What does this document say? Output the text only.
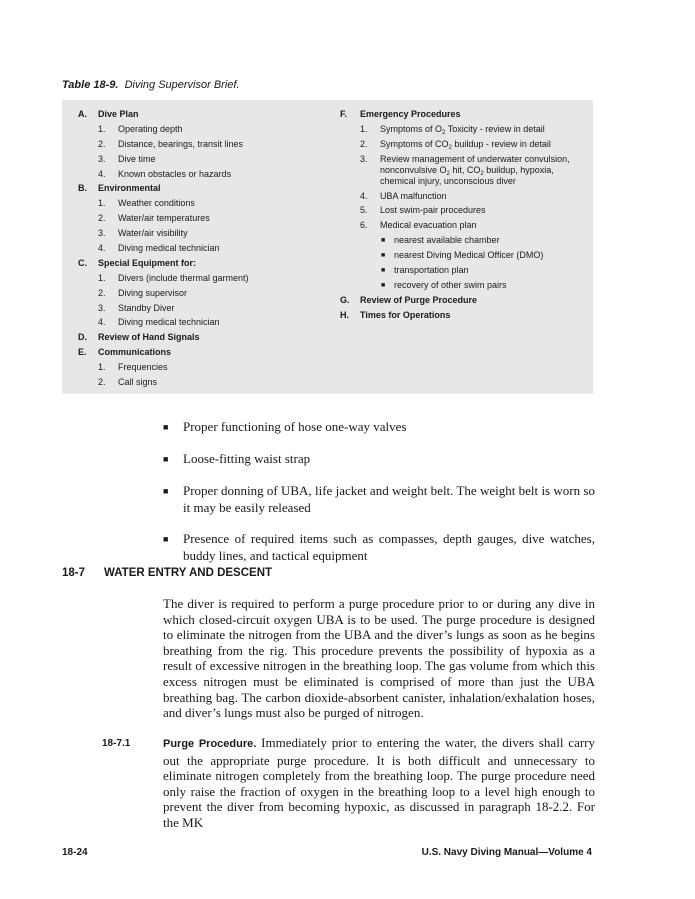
Table 18-9. Diving Supervisor Brief.
A.	Dive Plan
1.	Operating depth
2.	Distance, bearings, transit lines
3.	Dive time
4.	Known obstacles or hazards
B.	Environmental
1.	Weather conditions
2.	Water/air temperatures
3.	Water/air visibility
4.	Diving medical technician
C.	Special Equipment for:
1.	Divers (include thermal garment)
2.	Diving supervisor
3.	Standby Diver
4.	Diving medical technician
D.	Review of Hand Signals
E.	Communications
1.	Frequencies
2.	Call signs
F.	Emergency Procedures
1.	Symptoms of $O_2$ Toxicity - review in detail
2.	Symptoms of $CO_2$ buildup - review in detail
3.	Review management of underwater convulsion,
nonconvulsive $O_2$ hit, $CO_2$ buildup, hypoxia,
chemical injury, unconscious diver
4.	UBA malfunction
5.	Lost swim-pair procedures
6.	Medical evacuation plan
■ nearest available chamber
■ nearest Diving Medical Officer (DMO)
■ transportation plan
■ recovery of other swim pairs
G.	Review of Purge Procedure
H.	Times for Operations
■	Proper functioning of hose one-way valves
■	Loose-fitting waist strap
■	Proper donning of UBA, life jacket and weight belt. The weight belt is worn so it may be easily released
■	Presence of required items such as compasses, depth gauges, dive watches, buddy lines, and tactical equipment
18-7	WATER ENTRY AND DESCENT
The diver is required to perform a purge procedure prior to or during any dive in which closed-circuit oxygen UBA is to be used. The purge procedure is designed to eliminate the nitrogen from the UBA and the diver’s lungs as soon as he begins breathing from the rig. This procedure prevents the possibility of hypoxia as a result of excessive nitrogen in the breathing loop. The gas volume from which this excess nitrogen must be eliminated is comprised of more than just the UBA breathing bag. The carbon dioxide-absorbent canister, inhalation/exhalation hoses, and diver’s lungs must also be purged of nitrogen.
18-7.1	Purge Procedure. Immediately prior to entering the water, the divers shall carry out the appropriate purge procedure. It is both difficult and unnecessary to eliminate nitrogen completely from the breathing loop. The purge procedure need only raise the fraction of oxygen in the breathing loop to a level high enough to prevent the diver from becoming hypoxic, as discussed in paragraph 18-2.2. For the MK
18-24	U.S. Navy Diving Manual—Volume 4
